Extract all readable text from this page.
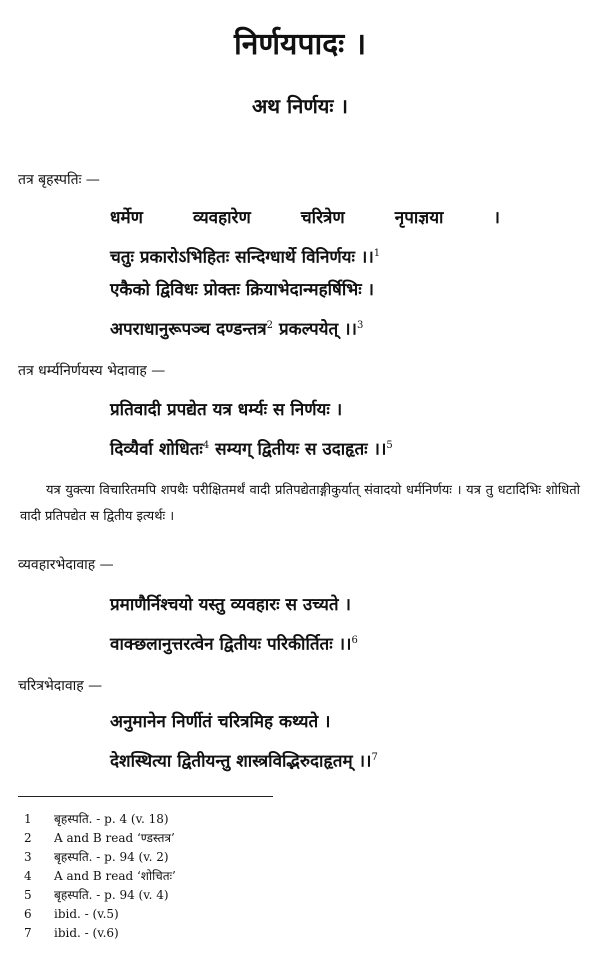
निर्णयपादः ।
अथ निर्णयः ।
तत्र बृहस्पतिः —
धर्मेण व्यवहारेण चरित्रेण नृपाज्ञया ।
चतुः प्रकारोऽभिहितः सन्दिग्धार्थे विनिर्णयः ।।$^1$
एकैको द्विविधः प्रोक्तः क्रियाभेदान्महर्षिभिः ।
अपराधानुरूपञ्च दण्डन्तत्र$^2$ प्रकल्पयेत् ।।$^3$
तत्र धर्म्यनिर्णयस्य भेदावाह —
प्रतिवादी प्रपद्येत यत्र धर्म्यः स निर्णयः ।
दिव्यैर्वा शोधितः$^4$ सम्यग् द्वितीयः स उदाहृतः ।।$^5$
यत्र युक्त्या विचारितमपि शपथैः परीक्षितमर्थं वादी प्रतिपद्येताङ्गीकुर्यात् संवादयो धर्मनिर्णयः । यत्र तु धटादिभिः शोधितो वादी प्रतिपद्येत स द्वितीय इत्यर्थः ।
व्यवहारभेदावाह —
प्रमाणैर्निश्चयो यस्तु व्यवहारः स उच्यते ।
वाक्छलानुत्तरत्वेन द्वितीयः परिकीर्तितः ।।$^6$
चरित्रभेदावाह —
अनुमानेन निर्णीतं चरित्रमिह कथ्यते ।
देशस्थित्या द्वितीयन्तु शास्त्रविद्भिरुदाहृतम् ।।$^7$
1 बृहस्पति. - p. 4 (v. 18)
2 A and B read ‘ण्डस्तत्र’
3 बृहस्पति. - p. 94 (v. 2)
4 A and B read ‘शोचितः’
5 बृहस्पति. - p. 94 (v. 4)
6 ibid. - (v.5)
7 ibid. - (v.6)
